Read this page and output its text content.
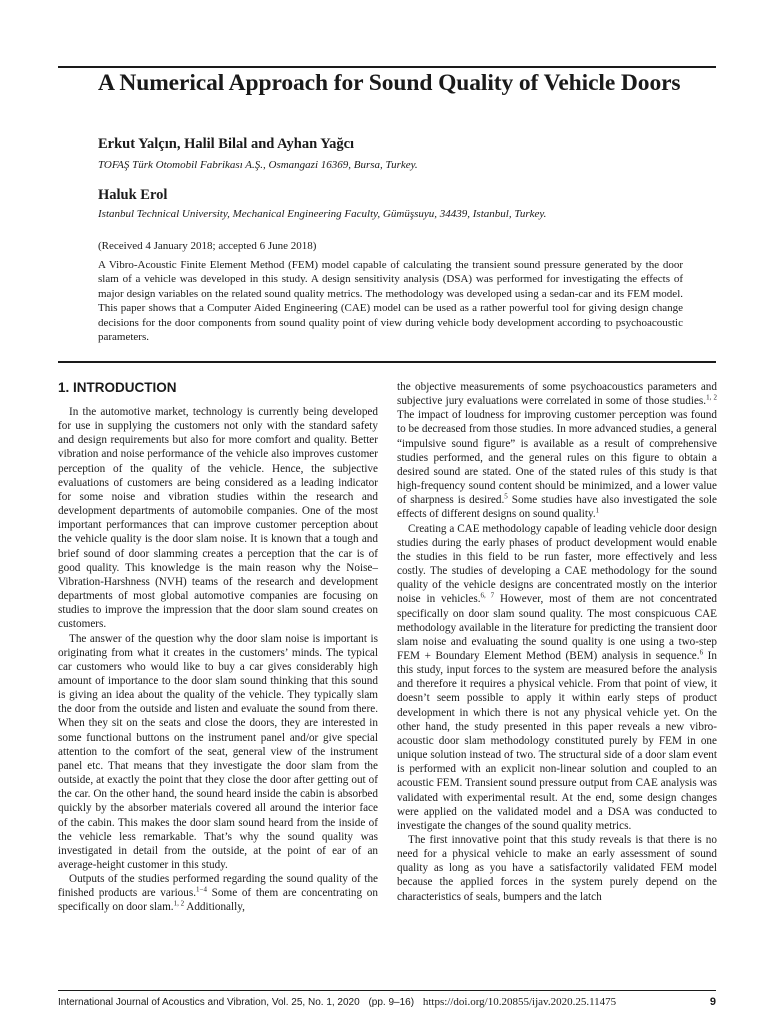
A Numerical Approach for Sound Quality of Vehicle Doors
Erkut Yalçın, Halil Bilal and Ayhan Yağcı
TOFAŞ Türk Otomobil Fabrikası A.Ş., Osmangazi 16369, Bursa, Turkey.
Haluk Erol
Istanbul Technical University, Mechanical Engineering Faculty, Gümüşsuyu, 34439, Istanbul, Turkey.
(Received 4 January 2018; accepted 6 June 2018)

A Vibro-Acoustic Finite Element Method (FEM) model capable of calculating the transient sound pressure generated by the door slam of a vehicle was developed in this study. A design sensitivity analysis (DSA) was performed for investigating the effects of major design variables on the related sound quality metrics. The methodology was developed using a sedan-car and its FEM model. This paper shows that a Computer Aided Engineering (CAE) model can be used as a rather powerful tool for giving design change decisions for the door components from sound quality point of view during vehicle body development according to psychoacoustic parameters.

1. INTRODUCTION

In the automotive market, technology is currently being developed for use in supplying the customers not only with the standard safety and design requirements but also for more comfort and quality. Better vibration and noise performance of the vehicle also improves customer perception of the quality of the vehicle. Hence, the subjective evaluations of customers are being considered as a leading indicator for some noise and vibration studies within the research and development departments of automobile companies. One of the most important performances that can improve customer perception about the vehicle quality is the door slam noise. It is known that a tough and brief sound of door slamming creates a perception that the car is of good quality. This knowledge is the main reason why the Noise–Vibration-Harshness (NVH) teams of the research and development departments of most global automotive companies are focusing on studies to improve the impression that the door slam sound creates on customers.

The answer of the question why the door slam noise is important is originating from what it creates in the customers’ minds. The typical car customers who would like to buy a car gives considerably high amount of importance to the door slam sound thinking that this sound is giving an idea about the quality of the vehicle. They typically slam the door from the outside and listen and evaluate the sound from there. When they sit on the seats and close the doors, they are interested in some functional buttons on the instrument panel and/or give special attention to the comfort of the seat, general view of the instrument panel etc. That means that they investigate the door slam from the outside, at exactly the point that they close the door after getting out of the car. On the other hand, the sound heard inside the cabin is absorbed quickly by the absorber materials covered all around the interior face of the cabin. This makes the door slam sound heard from the inside of the vehicle less remarkable. That’s why the sound quality was investigated in detail from the outside, at the point of ear of an average-height customer in this study.

Outputs of the studies performed regarding the sound quality of the finished products are various.$^{1-4}$ Some of them are concentrating on specifically on door slam.$^{1, 2}$ Additionally,

the objective measurements of some psychoacoustics parameters and subjective jury evaluations were correlated in some of those studies.$^{1, 2}$ The impact of loudness for improving customer perception was found to be decreased from those studies. In more advanced studies, a general “impulsive sound figure” is available as a result of comprehensive studies performed, and the general rules on this figure to obtain a desired sound are stated. One of the stated rules of this study is that high-frequency sound content should be minimized, and a lower value of sharpness is desired.$^5$ Some studies have also investigated the sole effects of different designs on sound quality.$^1$

Creating a CAE methodology capable of leading vehicle door design studies during the early phases of product development would enable the studies in this field to be run faster, more effectively and less costly. The studies of developing a CAE methodology for the sound quality of the vehicle designs are concentrated mostly on the interior noise in vehicles.$^{6, 7}$ However, most of them are not concentrated specifically on door slam sound quality. The most conspicuous CAE methodology available in the literature for predicting the transient door slam noise and evaluating the sound quality is one using a two-step FEM + Boundary Element Method (BEM) analysis in sequence.$^6$ In this study, input forces to the system are measured before the analysis and therefore it requires a physical vehicle. From that point of view, it doesn’t seem possible to apply it within early steps of product development in which there is not any physical vehicle yet. On the other hand, the study presented in this paper reveals a new vibro-acoustic door slam methodology constituted purely by FEM in one unique solution instead of two. The structural side of a door slam event is performed with an explicit non-linear solution and coupled to an acoustic FEM. Transient sound pressure output from CAE analysis was validated with experimental result. At the end, some design changes were applied on the validated model and a DSA was conducted to investigate the changes of the sound quality metrics.

The first innovative point that this study reveals is that there is no need for a physical vehicle to make an early assessment of sound quality as long as you have a satisfactorily validated FEM model because the applied forces in the system purely depend on the characteristics of seals, bumpers and the latch

International Journal of Acoustics and Vibration, Vol. 25, No. 1, 2020 (pp. 9–16) https://doi.org/10.20855/ijav.2020.25.11475	9
